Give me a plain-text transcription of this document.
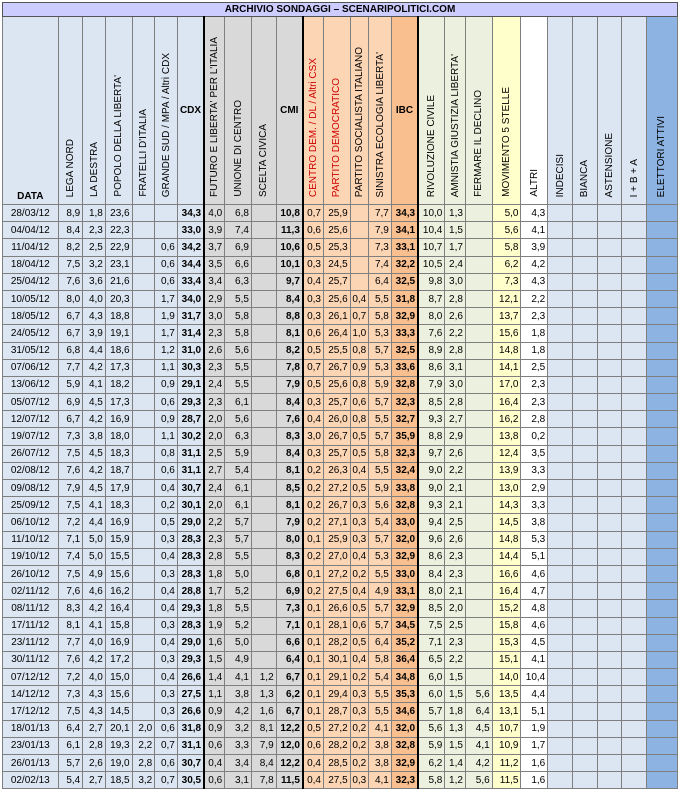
ARCHIVIO SONDAGGI – SCENARIPOLITICI.COM																									
DATA	LEGA NORD	LA DESTRA	POPOLO DELLA LIBERTA'	FRATELLI D'ITALIA	GRANDE SUD / MPA / Altri CDX	CDX	FUTURO E LIBERTA' PER L'ITALIA	UNIONE DI CENTRO	SCELTA CIVICA	CMI	CENTRO DEM. / DL / Altri CSX	PARTITO DEMOCRATICO	PARTITO SOCIALISTA ITALIANO	SINISTRA ECOLOGIA LIBERTA'	IBC	RIVOLUZIONE CIVILE	AMNISTIA GIUSTIZIA LIBERTA'	FERMARE IL DECLINO	MOVIMENTO 5 STELLE	ALTRI	INDECISI	BIANCA	ASTENSIONE	I + B + A	ELETTORI ATTIVI
28/03/12	8,9	1,8	23,6			34,3	4,0	6,8		10,8	0,7	25,9		7,7	34,3	10,0	1,3		5,0	4,3					
04/04/12	8,4	2,3	22,3			33,0	3,9	7,4		11,3	0,6	25,6		7,9	34,1	10,4	1,5		5,6	4,1					
11/04/12	8,2	2,5	22,9		0,6	34,2	3,7	6,9		10,6	0,5	25,3		7,3	33,1	10,7	1,7		5,8	3,9					
18/04/12	7,5	3,2	23,1		0,6	34,4	3,5	6,6		10,1	0,3	24,5		7,4	32,2	10,5	2,4		6,2	4,2					
25/04/12	7,6	3,6	21,6		0,6	33,4	3,4	6,3		9,7	0,4	25,7		6,4	32,5	9,8	3,0		7,3	4,3					
10/05/12	8,0	4,0	20,3		1,7	34,0	2,9	5,5		8,4	0,3	25,6	0,4	5,5	31,8	8,7	2,8		12,1	2,2					
18/05/12	6,7	4,3	18,8		1,9	31,7	3,0	5,8		8,8	0,3	26,1	0,7	5,8	32,9	8,0	2,6		13,7	2,3					
24/05/12	6,7	3,9	19,1		1,7	31,4	2,3	5,8		8,1	0,6	26,4	1,0	5,3	33,3	7,6	2,2		15,6	1,8					
31/05/12	6,8	4,4	18,6		1,2	31,0	2,6	5,6		8,2	0,5	25,5	0,8	5,7	32,5	8,9	2,8		14,8	1,8					
07/06/12	7,7	4,2	17,3		1,1	30,3	2,3	5,5		7,8	0,7	26,7	0,9	5,3	33,6	8,6	3,1		14,1	2,5					
13/06/12	5,9	4,1	18,2		0,9	29,1	2,4	5,5		7,9	0,5	25,6	0,8	5,9	32,8	7,9	3,0		17,0	2,3					
05/07/12	6,9	4,5	17,3		0,6	29,3	2,3	6,1		8,4	0,3	25,7	0,6	5,7	32,3	8,5	2,8		16,4	2,3					
12/07/12	6,7	4,2	16,9		0,9	28,7	2,0	5,6		7,6	0,4	26,0	0,8	5,5	32,7	9,3	2,7		16,2	2,8					
19/07/12	7,3	3,8	18,0		1,1	30,2	2,0	6,3		8,3	3,0	26,7	0,5	5,7	35,9	8,8	2,9		13,8	0,2					
26/07/12	7,5	4,5	18,3		0,8	31,1	2,5	5,9		8,4	0,3	25,7	0,5	5,8	32,3	9,7	2,6		12,4	3,5					
02/08/12	7,6	4,2	18,7		0,6	31,1	2,7	5,4		8,1	0,2	26,3	0,4	5,5	32,4	9,0	2,2		13,9	3,3					
09/08/12	7,9	4,5	17,9		0,4	30,7	2,4	6,1		8,5	0,2	27,2	0,5	5,9	33,8	9,0	2,1		13,0	2,9					
25/09/12	7,5	4,1	18,3		0,2	30,1	2,0	6,1		8,1	0,2	26,7	0,3	5,6	32,8	9,3	2,1		14,3	3,3					
06/10/12	7,2	4,4	16,9		0,5	29,0	2,2	5,7		7,9	0,2	27,1	0,3	5,4	33,0	9,4	2,5		14,5	3,8					
11/10/12	7,1	5,0	15,9		0,3	28,3	2,3	5,7		8,0	0,1	25,9	0,3	5,7	32,0	9,6	2,6		14,8	5,3					
19/10/12	7,4	5,0	15,5		0,4	28,3	2,8	5,5		8,3	0,2	27,0	0,4	5,3	32,9	8,6	2,3		14,4	5,1					
26/10/12	7,5	4,9	15,6		0,3	28,3	1,8	5,0		6,8	0,1	27,2	0,2	5,5	33,0	8,4	2,3		16,6	4,6					
02/11/12	7,6	4,6	16,2		0,4	28,8	1,7	5,2		6,9	0,2	27,5	0,4	4,9	33,1	8,0	2,1		16,4	4,7					
08/11/12	8,3	4,2	16,4		0,4	29,3	1,8	5,5		7,3	0,1	26,6	0,5	5,7	32,9	8,5	2,0		15,2	4,8					
17/11/12	8,1	4,1	15,8		0,3	28,3	1,9	5,2		7,1	0,1	28,1	0,6	5,7	34,5	7,5	2,5		15,8	4,6					
23/11/12	7,7	4,0	16,9		0,4	29,0	1,6	5,0		6,6	0,1	28,2	0,5	6,4	35,2	7,1	2,3		15,3	4,5					
30/11/12	7,6	4,2	17,2		0,3	29,3	1,5	4,9		6,4	0,1	30,1	0,4	5,8	36,4	6,5	2,2		15,1	4,1					
07/12/12	7,2	4,0	15,0		0,4	26,6	1,4	4,1	1,2	6,7	0,1	29,1	0,2	5,4	34,8	6,0	1,5		14,0	10,4					
14/12/12	7,3	4,3	15,6		0,3	27,5	1,1	3,8	1,3	6,2	0,1	29,4	0,3	5,5	35,3	6,0	1,5	5,6	13,5	4,4					
17/12/12	7,5	4,3	14,5		0,3	26,6	0,9	4,2	1,6	6,7	0,1	28,7	0,3	5,5	34,6	5,7	1,8	6,4	13,1	5,1					
18/01/13	6,4	2,7	20,1	2,0	0,6	31,8	0,9	3,2	8,1	12,2	0,5	27,2	0,2	4,1	32,0	5,6	1,3	4,5	10,7	1,9					
23/01/13	6,1	2,8	19,3	2,2	0,7	31,1	0,6	3,3	7,9	12,0	0,6	28,2	0,2	3,8	32,8	5,9	1,5	4,1	10,9	1,7					
26/01/13	5,7	2,6	19,0	2,8	0,6	30,7	0,4	3,4	8,4	12,2	0,4	28,5	0,2	3,8	32,9	6,2	1,4	4,2	11,2	1,6					
02/02/13	5,4	2,7	18,5	3,2	0,7	30,5	0,6	3,1	7,8	11,5	0,4	27,5	0,3	4,1	32,3	5,8	1,2	5,6	11,5	1,6					
